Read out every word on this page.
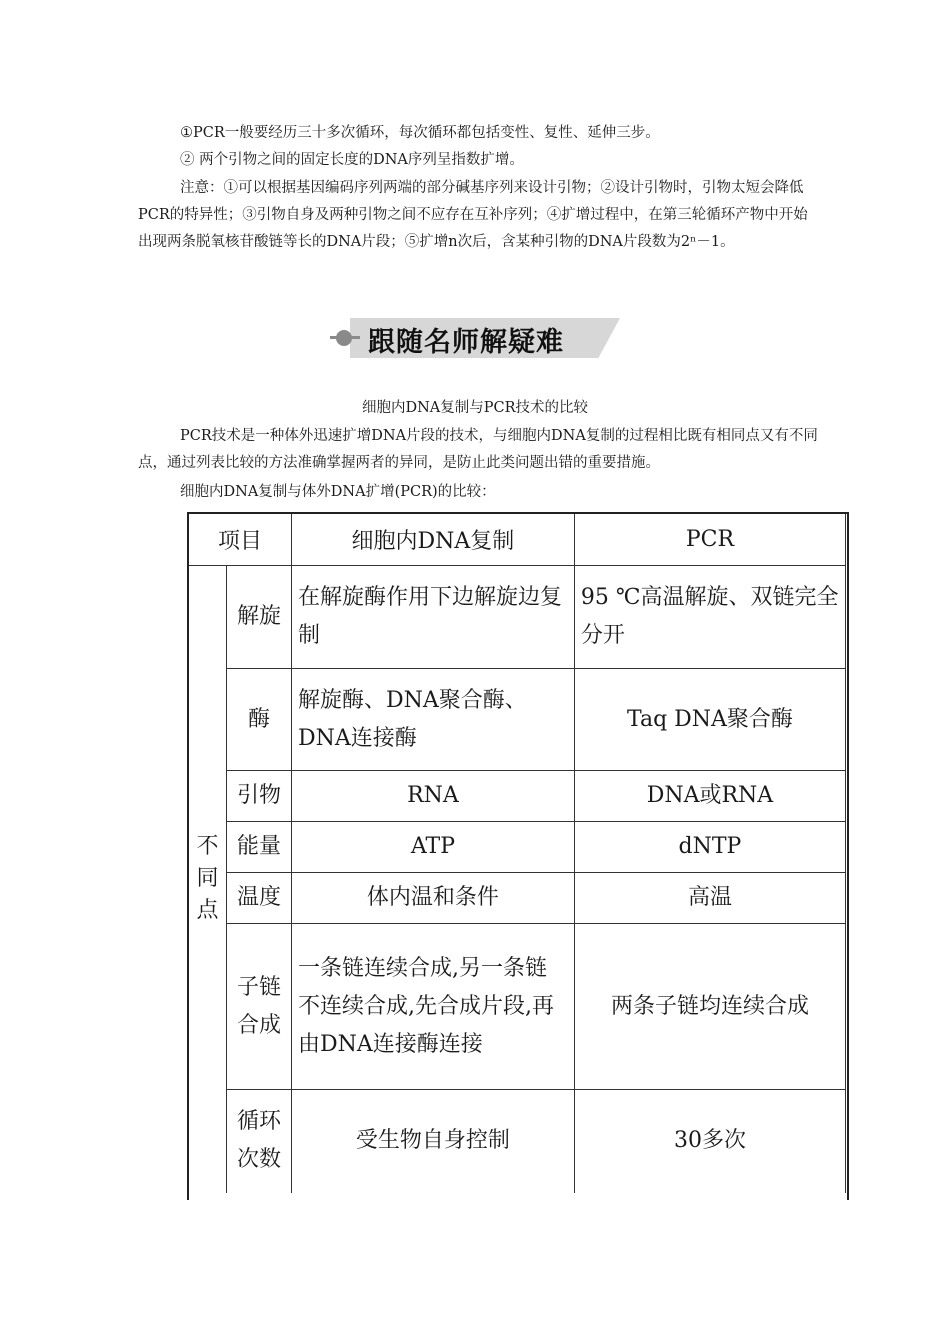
①PCR一般要经历三十多次循环，每次循环都包括变性、复性、延伸三步。
② 两个引物之间的固定长度的DNA序列呈指数扩增。
注意：①可以根据基因编码序列两端的部分碱基序列来设计引物；②设计引物时，引物太短会降低PCR的特异性；③引物自身及两种引物之间不应存在互补序列；④扩增过程中，在第三轮循环产物中开始出现两条脱氧核苷酸链等长的DNA片段；⑤扩增n次后，含某种引物的DNA片段数为2ⁿ－1。
跟随名师解疑难
细胞内DNA复制与PCR技术的比较
PCR技术是一种体外迅速扩增DNA片段的技术，与细胞内DNA复制的过程相比既有相同点又有不同点，通过列表比较的方法准确掌握两者的异同，是防止此类问题出错的重要措施。
细胞内DNA复制与体外DNA扩增(PCR)的比较：
项目		细胞内DNA复制	PCR

不同点	解旋	在解旋酶作用下边解旋边复制	95 ℃高温解旋、双链完全分开
	酶	解旋酶、DNA聚合酶、DNA连接酶	Taq DNA聚合酶
	引物	RNA	DNA或RNA
	能量	ATP	dNTP
	温度	体内温和条件	高温

	子链合成	一条链连续合成,另一条链不连续合成,先合成片段,再由DNA连接酶连接	两条子链均连续合成

	循环次数	受生物自身控制	30多次
